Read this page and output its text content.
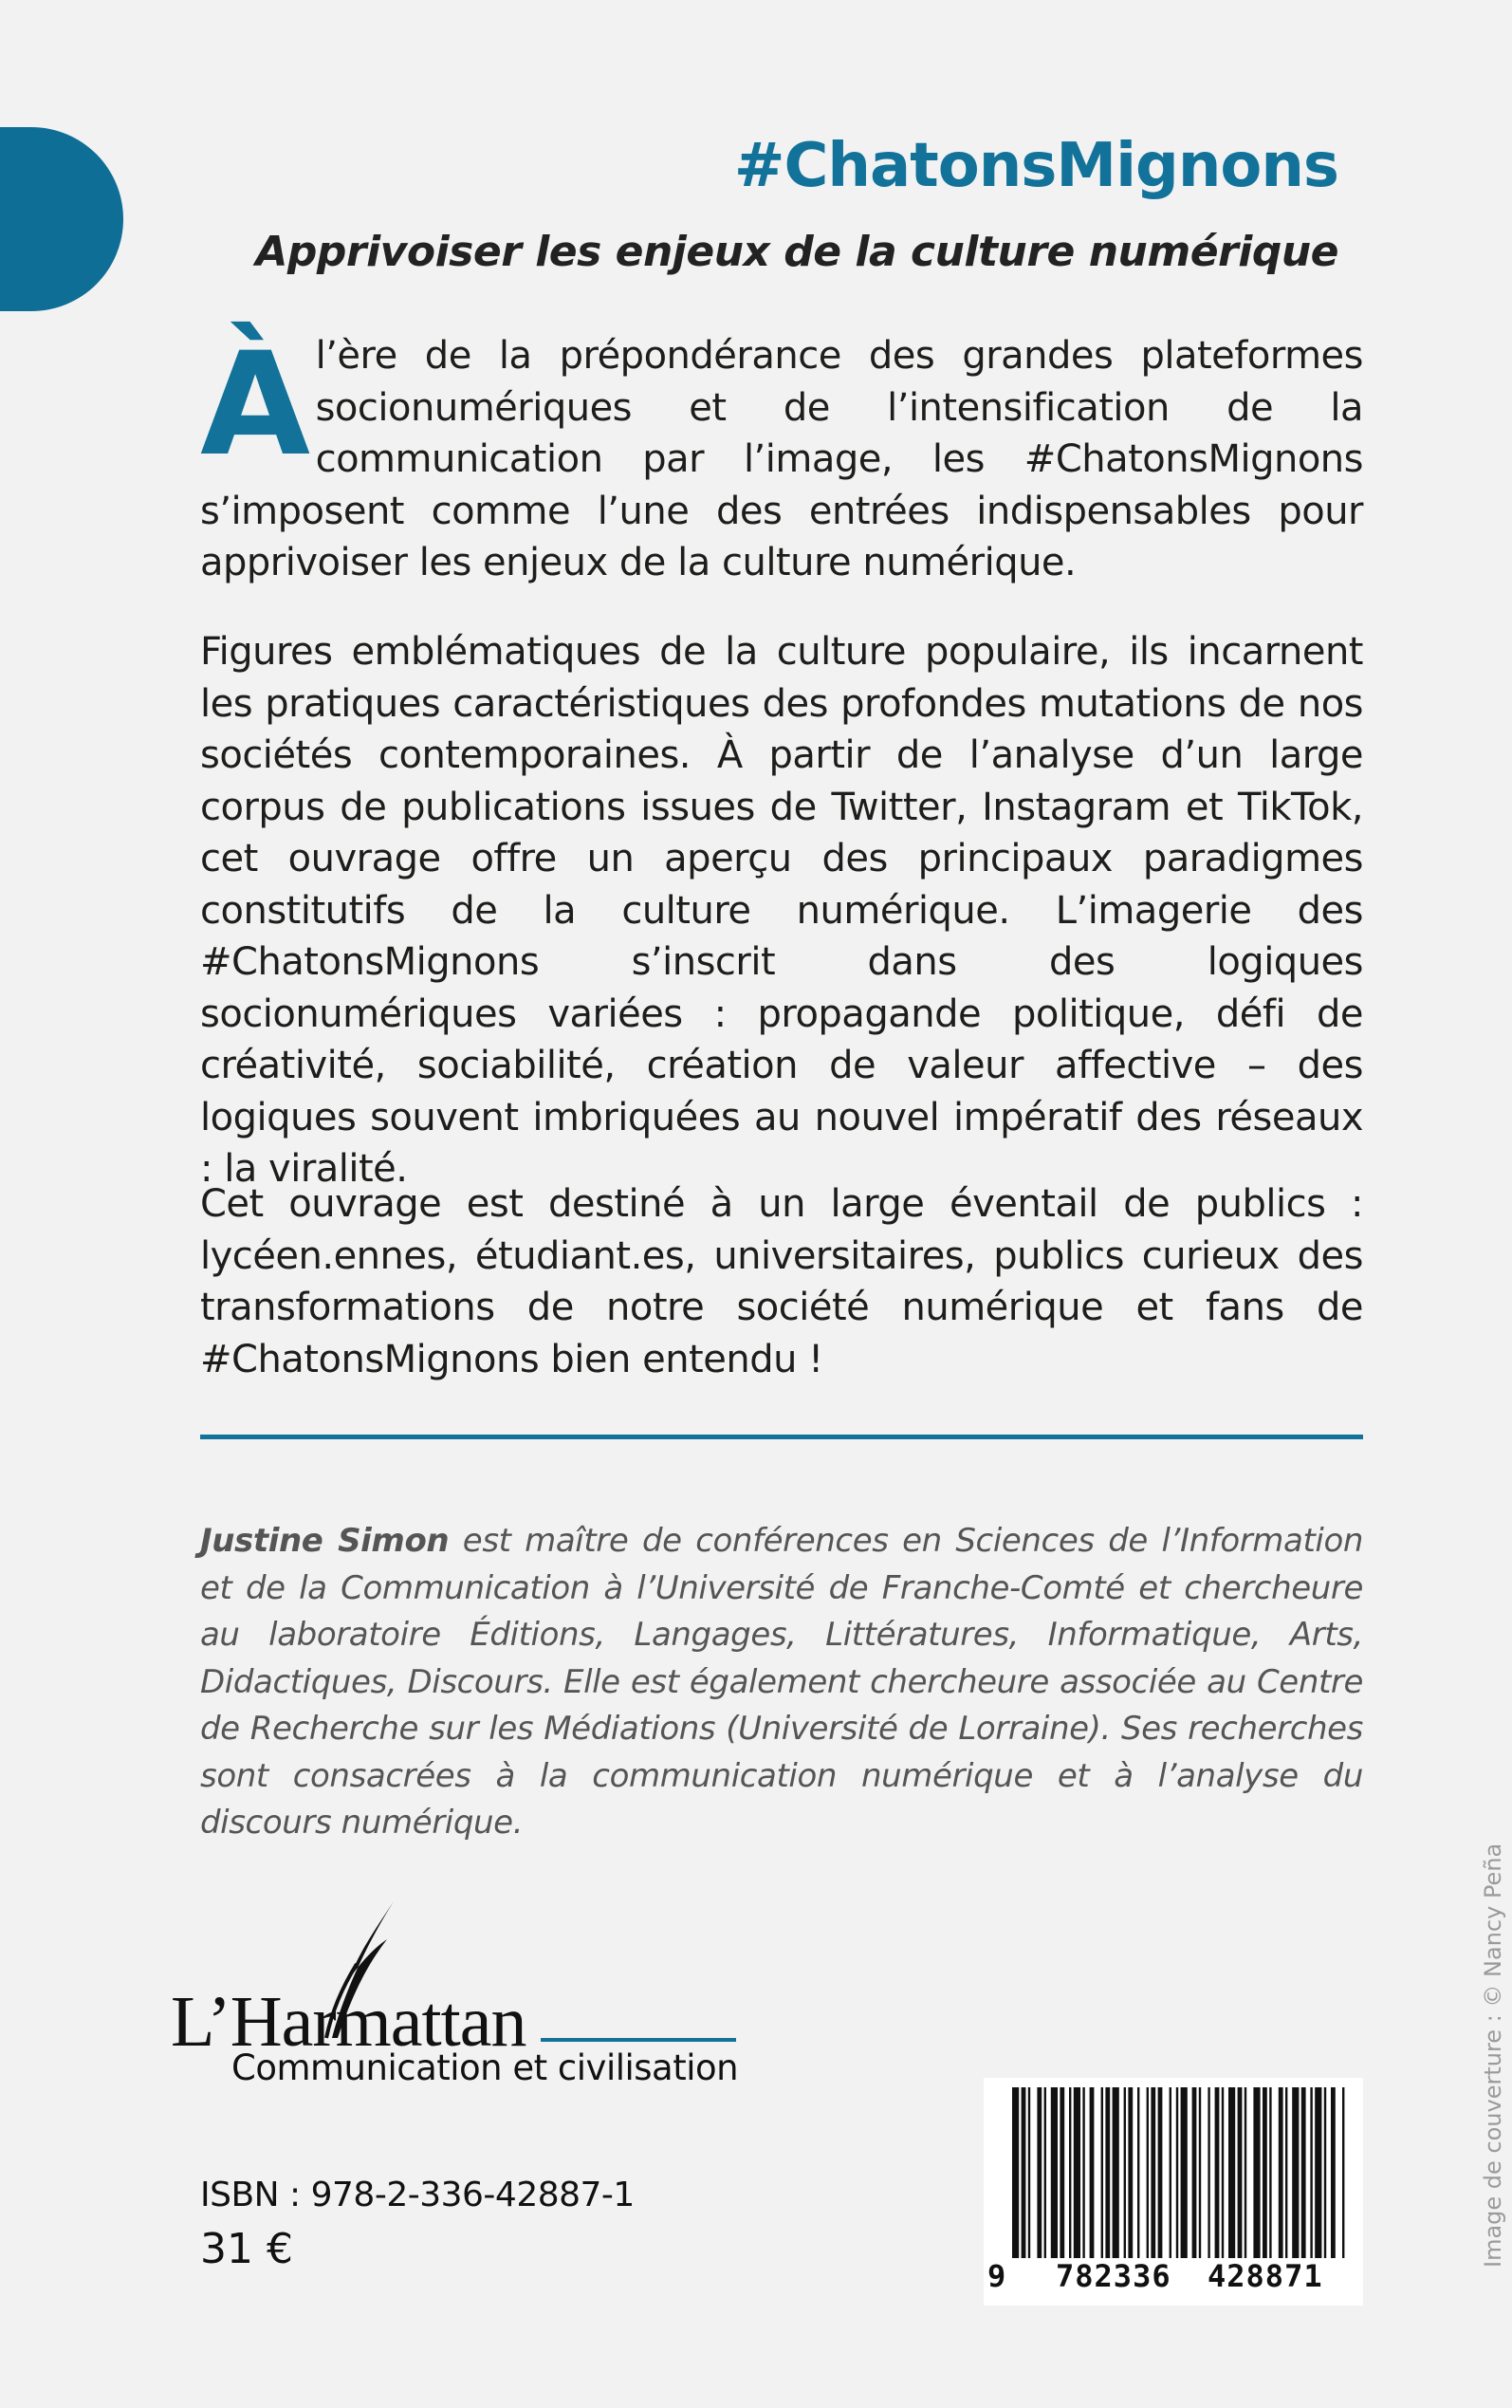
#ChatonsMignons
Apprivoiser les enjeux de la culture numérique
À l’ère de la prépondérance des grandes plateformes socionumériques et de l’intensification de la communication par l’image, les #ChatonsMignons s’imposent comme l’une des entrées indispensables pour apprivoiser les enjeux de la culture numérique.

Figures emblématiques de la culture populaire, ils incarnent les pratiques caractéristiques des profondes mutations de nos sociétés contemporaines. À partir de l’analyse d’un large corpus de publications issues de Twitter, Instagram et TikTok, cet ouvrage offre un aperçu des principaux paradigmes constitutifs de la culture numérique. L’imagerie des #ChatonsMignons s’inscrit dans des logiques socionumériques variées : propagande politique, défi de créativité, sociabilité, création de valeur affective – des logiques souvent imbriquées au nouvel impératif des réseaux : la viralité.

Cet ouvrage est destiné à un large éventail de publics : lycéen.ennes, étudiant.es, universitaires, publics curieux des transformations de notre société numérique et fans de #ChatonsMignons bien entendu !

Justine Simon est maître de conférences en Sciences de l’Information et de la Communication à l’Université de Franche-Comté et chercheure au laboratoire Éditions, Langages, Littératures, Informatique, Arts, Didactiques, Discours. Elle est également chercheure associée au Centre de Recherche sur les Médiations (Université de Lorraine). Ses recherches sont consacrées à la communication numérique et à l’analyse du discours numérique.

Image de couverture : © Nancy Peña
L’Harmattan
Communication et civilisation
ISBN : 978-2-336-42887-1
31 €
9 782336 428871
